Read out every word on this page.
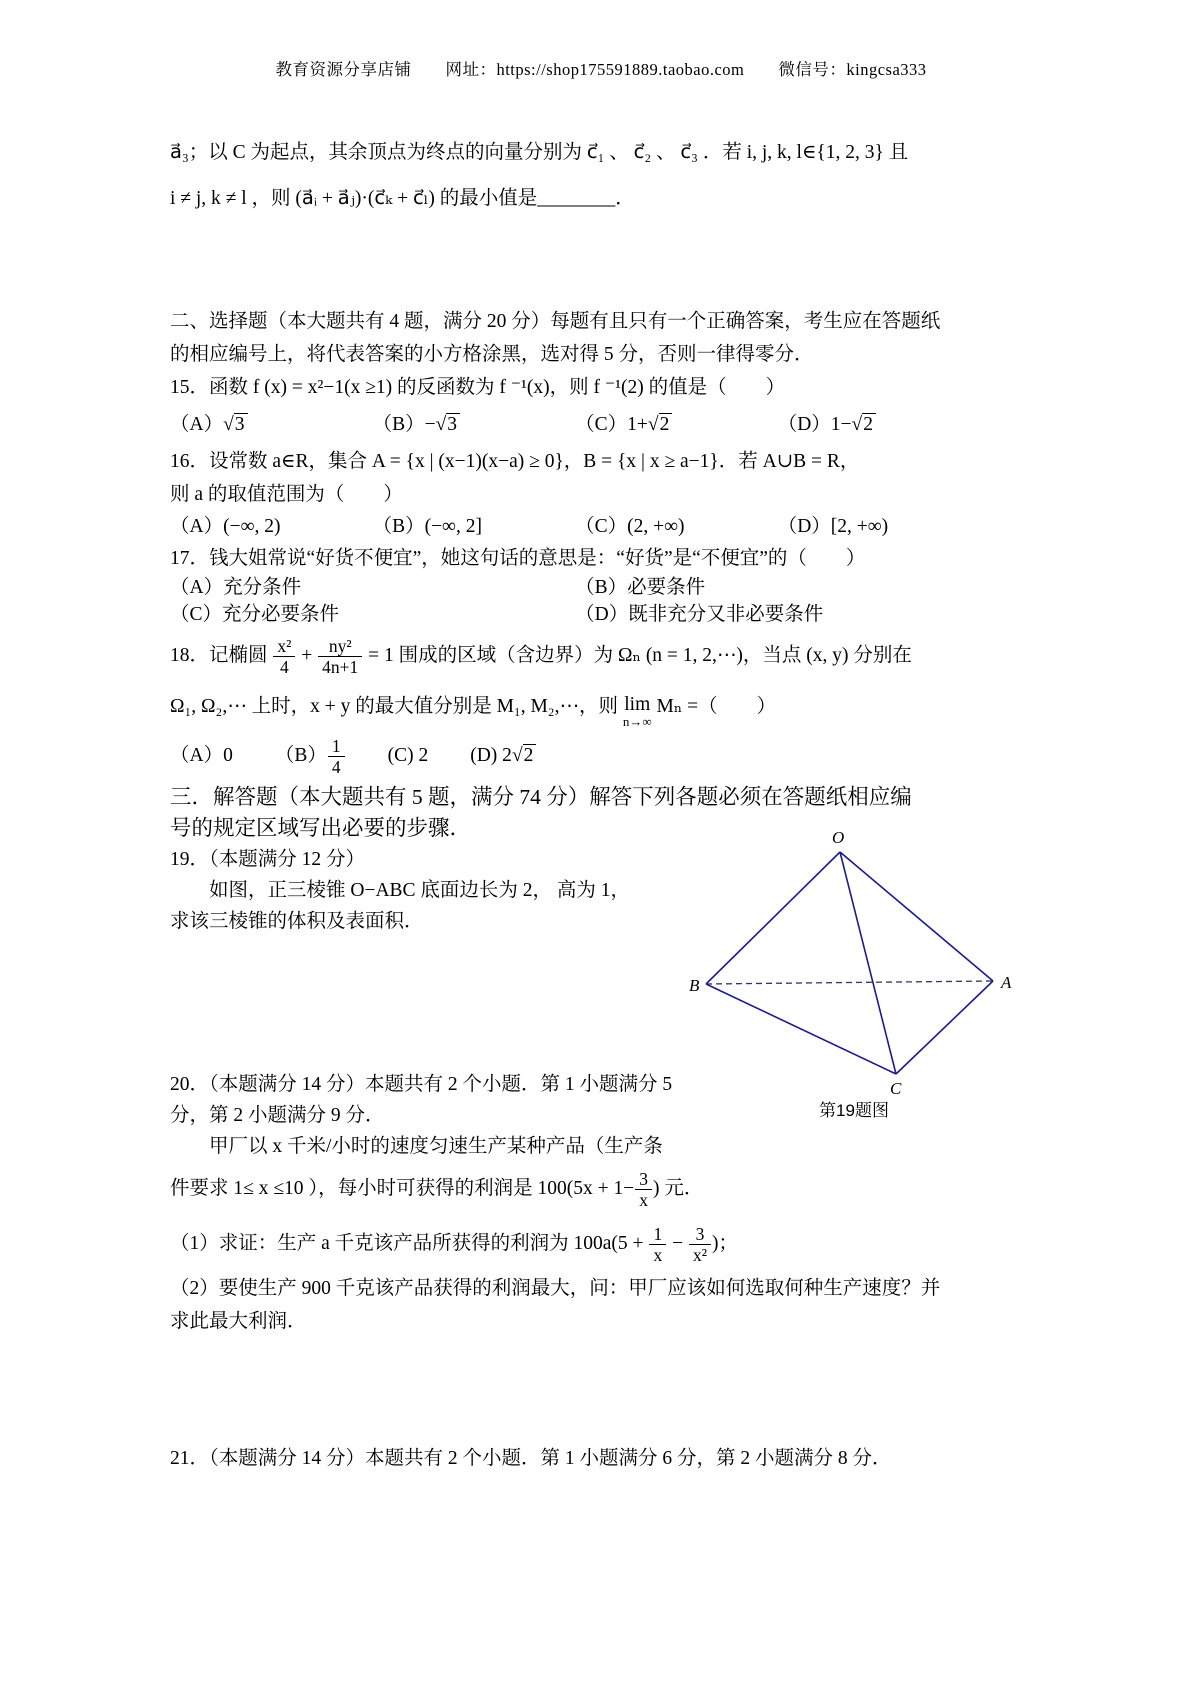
教育资源分享店铺　　网址：https://shop175591889.taobao.com　　微信号：kingcsa333

a⃗₃；以 C 为起点，其余顶点为终点的向量分别为 c⃗₁ 、 c⃗₂ 、 c⃗₃ ．若 i, j, k, l∈{1, 2, 3} 且

i ≠ j, k ≠ l ，则 (a⃗ᵢ + a⃗ⱼ)·(c⃗ₖ + c⃗ₗ) 的最小值是________．

二、选择题（本大题共有 4 题，满分 20 分）每题有且只有一个正确答案，考生应在答题纸

的相应编号上，将代表答案的小方格涂黑，选对得 5 分，否则一律得零分．

15．函数 f (x) = x²−1(x ≥1) 的反函数为 f ⁻¹(x)，则 f ⁻¹(2) 的值是（　　）

（A）√3	（B）−√3	（C）1+√2	（D）1−√2

16．设常数 a∈R，集合 A = {x | (x−1)(x−a) ≥ 0}，B = {x | x ≥ a−1}．若 A∪B = R，

则 a 的取值范围为（　　）

（A）(−∞, 2)	（B）(−∞, 2]	（C）(2, +∞)	（D）[2, +∞)

17．钱大姐常说“好货不便宜”，她这句话的意思是：“好货”是“不便宜”的（　　）

（A）充分条件	（B）必要条件

（C）充分必要条件	（D）既非充分又非必要条件

18．记椭圆 $\frac{\text{x²}}{4} + \frac{\text{ny²}}{4n+1} = 1$ 围成的区域（含边界）为 Ωₙ (n = 1, 2,⋯)，当点 (x, y) 分别在

Ω₁, Ω₂,⋯ 上时，x + y 的最大值分别是 M₁, M₂,⋯，则 lim
n→∞
Mₙ =（　　）

（A）0 $(B) \frac{1}{4} (C)$ 2 (D) 2√2

三．解答题（本大题共有 5 题，满分 74 分）解答下列各题必须在答题纸相应编

号的规定区域写出必要的步骤．

19．（本题满分 12 分）

　　如图，正三棱锥 O−ABC 底面边长为 2， 高为 1，

求该三棱锥的体积及表面积．

O
B	A
C

第19题图

20．（本题满分 14 分）本题共有 2 个小题．第 1 小题满分 5

分，第 2 小题满分 9 分．

　　甲厂以 x 千米/小时的速度匀速生产某种产品（生产条

件要求 1≤ x ≤10 ），每小时可获得的利润是 $100(5x + 1- \frac{3}{x}$ ) 元．

（1）求证：生产 a 千克该产品所获得的利润为 $100a(5 + \frac{1}{x} - \frac{3}{\text{x²}}$ )；

（2）要使生产 900 千克该产品获得的利润最大，问：甲厂应该如何选取何种生产速度？并

求此最大利润．

21．（本题满分 14 分）本题共有 2 个小题．第 1 小题满分 6 分，第 2 小题满分 8 分．
